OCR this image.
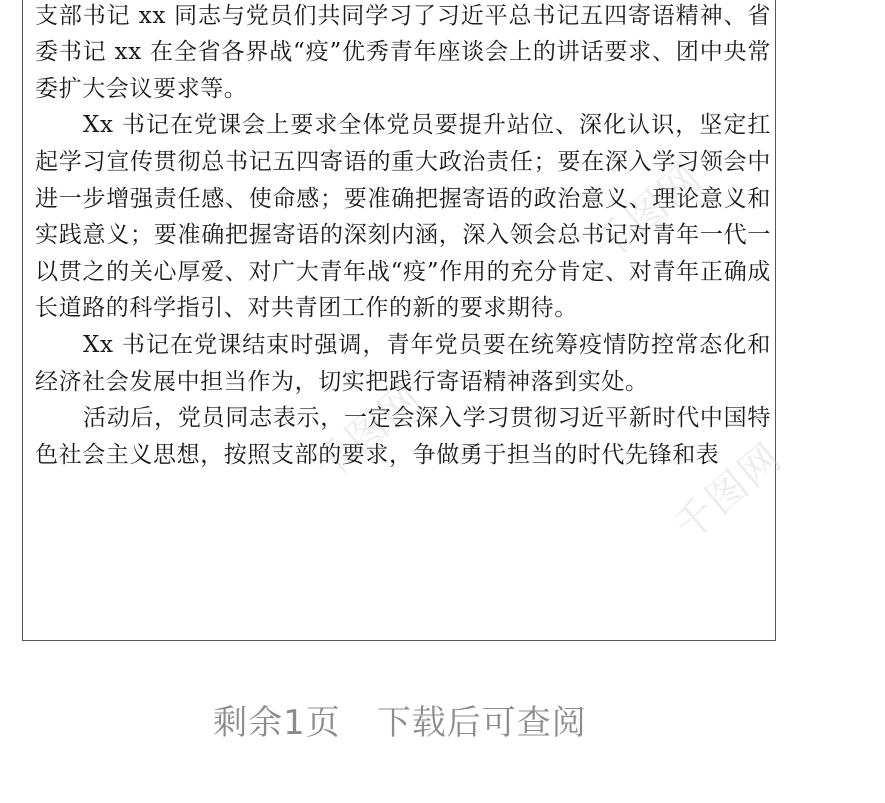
千图网
千图网
千图网

支部书记 xx 同志与党员们共同学习了习近平总书记五四寄语精神、省委书记 xx 在全省各界战“疫”优秀青年座谈会上的讲话要求、团中央常委扩大会议要求等。

Xx 书记在党课会上要求全体党员要提升站位、深化认识，坚定扛起学习宣传贯彻总书记五四寄语的重大政治责任；要在深入学习领会中进一步增强责任感、使命感；要准确把握寄语的政治意义、理论意义和实践意义；要准确把握寄语的深刻内涵，深入领会总书记对青年一代一以贯之的关心厚爱、对广大青年战“疫”作用的充分肯定、对青年正确成长道路的科学指引、对共青团工作的新的要求期待。

Xx 书记在党课结束时强调，青年党员要在统筹疫情防控常态化和经济社会发展中担当作为，切实把践行寄语精神落到实处。

活动后，党员同志表示，一定会深入学习贯彻习近平新时代中国特色社会主义思想，按照支部的要求，争做勇于担当的时代先锋和表

剩余1页 下载后可查阅
